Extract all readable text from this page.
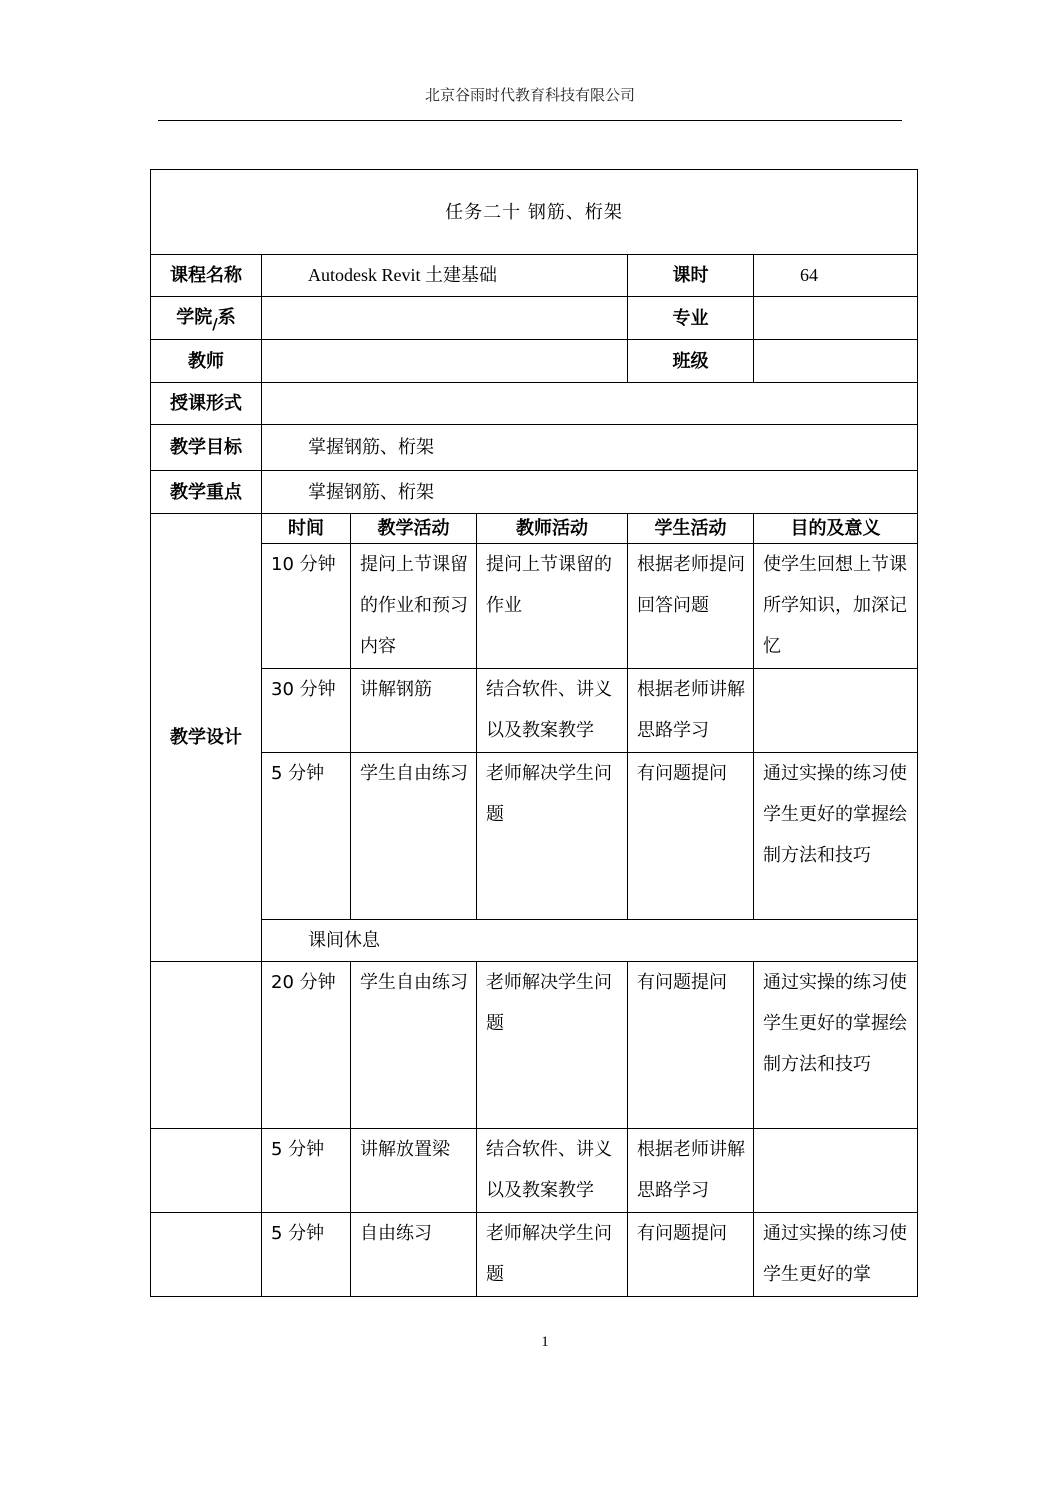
北京谷雨时代教育科技有限公司
任务二十 钢筋、桁架					
课程名称	Autodesk Revit 土建基础			课时	64
学院$_/$系				专业	
教师				班级	
授课形式					
教学目标	掌握钢筋、桁架				
教学重点	掌握钢筋、桁架				
教学设计	时间	教学活动	教师活动	学生活动	目的及意义
	10 分钟	提问上节课留的作业和预习内容	提问上节课留的作业	根据老师提问回答问题	使学生回想上节课所学知识，加深记忆
	30 分钟	讲解钢筋	结合软件、讲义以及教案教学	根据老师讲解思路学习	
	5 分钟	学生自由练习	老师解决学生问题	有问题提问	通过实操的练习使学生更好的掌握绘制方法和技巧
	课间休息				
	20 分钟	学生自由练习	老师解决学生问题	有问题提问	通过实操的练习使学生更好的掌握绘制方法和技巧
	5 分钟	讲解放置梁	结合软件、讲义以及教案教学	根据老师讲解思路学习	
	5 分钟	自由练习	老师解决学生问题	有问题提问	通过实操的练习使学生更好的掌
1
